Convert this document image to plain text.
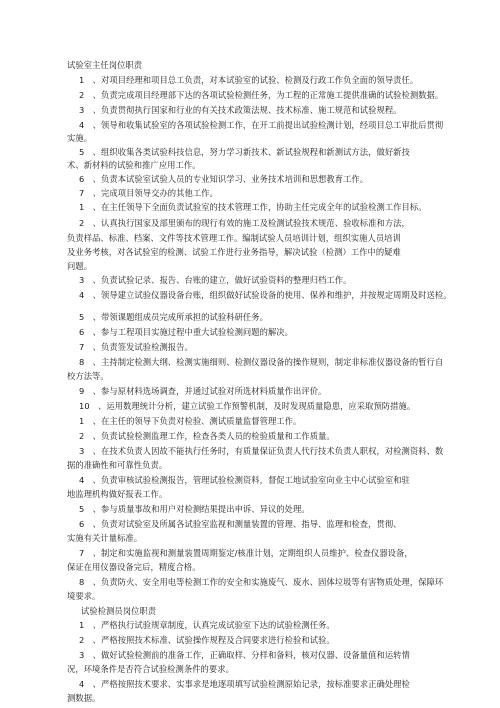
试验室主任岗位职责
1　、对项目经理和项目总工负责，对本试验室的试验、检测及行政工作负全面的领导责任。
2　、负责完成项目经理部下达的各项试验检测任务，为工程的正常施工提供准确的试验检测数据。
3　、负责贯彻执行国家和行业的有关技术政策法规、技术标准、施工规范和试验规程。
4　、领导和收集试验室的各项试验检测工作，在开工前提出试验检测计划，经项目总工审批后贯彻
实施。
5　、组织收集各类试验科技信息，努力学习新技术、新试验规程和新测试方法，做好新技
术、新材料的试验和推广应用工作。
6　、负责本试验室试验人员的专业知识学习、业务技术培训和思想教育工作。
7　、完成项目领导交办的其他工作。
1　、在主任领导下全面负责试验室的技术管理工作，协助主任完成全年的试验检测工作目标。
2　、认真执行国家及部里颁布的现行有效的施工及检测试验技术规范、验收标准和方法，
负责样品、标准、档案、文件等技术管理工作。编制试验人员培训计划，组织实施人员培训
及业务考核，对各试验室的检测、试验工作进行业务指导，解决试验（检测）工作中的疑难
问题。
3　、负责试验记录、报告、台账的建立，做好试验资料的整理归档工作。
4　、领导建立试验仪器设备台账，组织做好试验设备的使用、保养和维护，并按规定周期及时送检。
5　、带领课题组成员完成所承担的试验科研任务。
6　、参与工程项目实施过程中重大试验检测问题的解决。
7　、负责签发试验检测报告。
8　、主持制定检测大纲、检测实施细则、检测仪器设备的操作规则，制定非标准仪器设备的暂行自
校方法等。
9　、参与原材料选场调查，并通过试验对所选材料质量作出评价。
10　、运用数理统计分析，建立试验工作预警机制，及时发现质量隐患，应采取预防措施。
1　、在主任的领导下负责对检验、测试质量监督管理工作。
2　、负责试验检测监理工作，检查各类人员的检验质量和工作质量。
3　、在技术负责人因故不能执行任务时，有质量保证负责人代行技术负责人职权，对检测资料、数
据的准确性和可靠性负责。
4　、负责审核试验检测报告，管理试验检测资料，督促工地试验室向业主中心试验室和驻
地监理机构做好报表工作。
5　、参与质量事故和用户对检测结果提出申诉、异议的处理。
6　、负责对试验室及所属各试验室监视和测量装置的管理、指导、监理和检查，贯彻、
实施有关计量标准。
7　、制定和实施监视和测量装置周期鉴定/核准计划，定期组织人员维护、检查仪器设备，
保证在用仪器设备完后，精度合格。
8　、负责防火、安全用电等检测工作的安全和实施废气、废水、固体垃圾等有害物质处理，保障环
境要求。
试验检测员岗位职责
1　、严格执行试验规章制度，认真完成试验室下达的试验检测任务。
2　、严格按照技术标准、试验操作规程及合同要求进行检验和试验。
3　、做好试验检测前的准备工作，正确取样、分样和备料，核对仪器、设备量值和运转情
况，环境条件是否符合试验检测条件的要求。
4　、严格按照技术要求、实事求是地逐项填写试验检测原始记录，按标准要求正确处理检
测数据。
